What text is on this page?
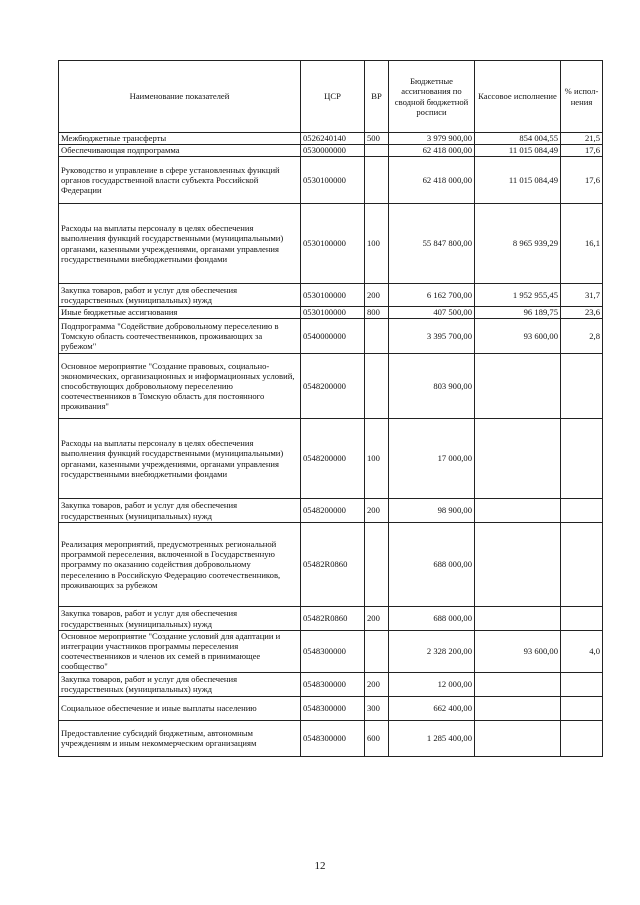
Наименование показателей	ЦСР	ВР	Бюджетные ассигнования по сводной бюджетной росписи	Кассовое исполнение	% испол-нения
Межбюджетные трансферты	0526240140	500	3 979 900,00	854 004,55	21,5
Обеспечивающая подпрограмма	0530000000		62 418 000,00	11 015 084,49	17,6
Руководство и управление в сфере установленных функций органов государственной власти субъекта Российской Федерации	0530100000		62 418 000,00	11 015 084,49	17,6
Расходы на выплаты персоналу в целях обеспечения выполнения функций государственными (муниципальными) органами, казенными учреждениями, органами управления государственными внебюджетными фондами	0530100000	100	55 847 800,00	8 965 939,29	16,1
Закупка товаров, работ и услуг для обеспечения государственных (муниципальных) нужд	0530100000	200	6 162 700,00	1 952 955,45	31,7
Иные бюджетные ассигнования	0530100000	800	407 500,00	96 189,75	23,6
Подпрограмма "Содействие добровольному переселению в Томскую область соотечественников, проживающих за рубежом"	0540000000		3 395 700,00	93 600,00	2,8
Основное мероприятие "Создание правовых, социально-экономических, организационных и информационных условий, способствующих добровольному переселению соотечественников в Томскую область для постоянного проживания"	0548200000		803 900,00		
Расходы на выплаты персоналу в целях обеспечения выполнения функций государственными (муниципальными) органами, казенными учреждениями, органами управления государственными внебюджетными фондами	0548200000	100	17 000,00		
Закупка товаров, работ и услуг для обеспечения государственных (муниципальных) нужд	0548200000	200	98 900,00		
Реализация мероприятий, предусмотренных региональной программой переселения, включенной в Государственную программу по оказанию содействия добровольному переселению в Российскую Федерацию соотечественников, проживающих за рубежом	05482R0860		688 000,00		
Закупка товаров, работ и услуг для обеспечения государственных (муниципальных) нужд	05482R0860	200	688 000,00		
Основное мероприятие "Создание условий для адаптации и интеграции участников программы переселения соотечественников и членов их семей в принимающее сообщество"	0548300000		2 328 200,00	93 600,00	4,0
Закупка товаров, работ и услуг для обеспечения государственных (муниципальных) нужд	0548300000	200	12 000,00		
Социальное обеспечение и иные выплаты населению	0548300000	300	662 400,00		
Предоставление субсидий бюджетным, автономным учреждениям и иным некоммерческим организациям	0548300000	600	1 285 400,00		
12
